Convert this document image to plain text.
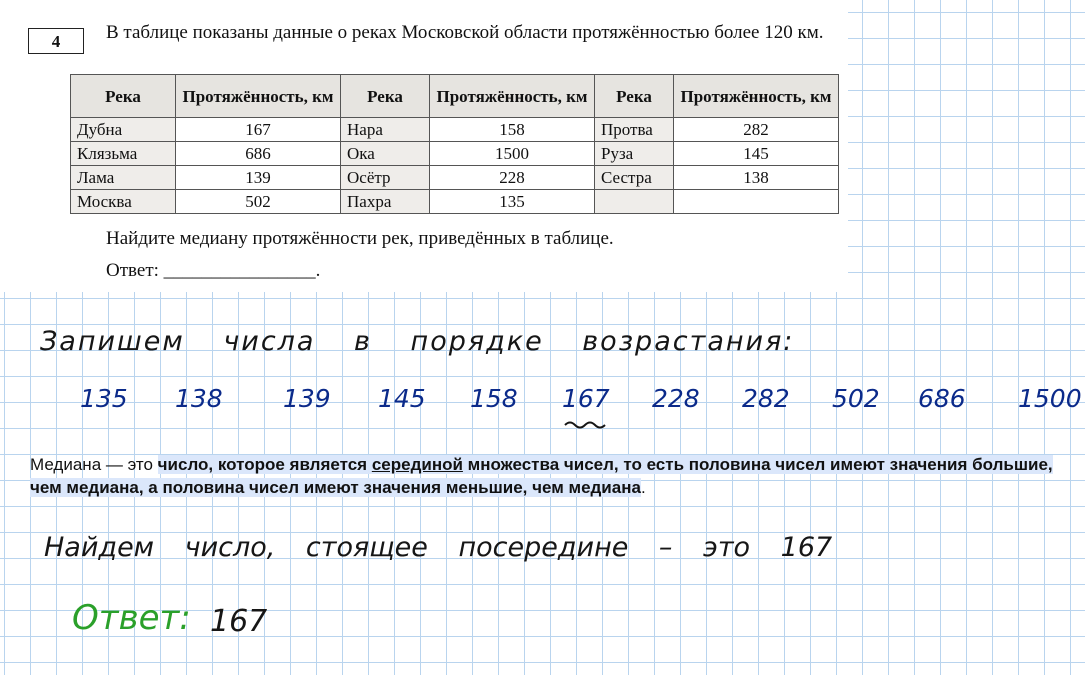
4	В таблице показаны данные о реках Московской области протяжённостью более 120 км.
Река	Протяжённость, км	Река	Протяжённость, км	Река	Протяжённость, км
Дубна	167	Нара	158	Протва	282
Клязьма	686	Ока	1500	Руза	145
Лама	139	Осётр	228	Сестра	138
Москва	502	Пахра	135		
Найдите медиану протяжённости рек, приведённых в таблице.
Ответ: ________________.
Запишем числа в порядке возрастания:
135 138 139 145 158 167 228 282 502 686 1500
Медиана — это число, которое является серединой множества чисел, то есть половина чисел имеют значения большие, чем медиана, а половина чисел имеют значения меньшие, чем медиана.
Найдем число, стоящее посередине – это 167
Ответ: 167
